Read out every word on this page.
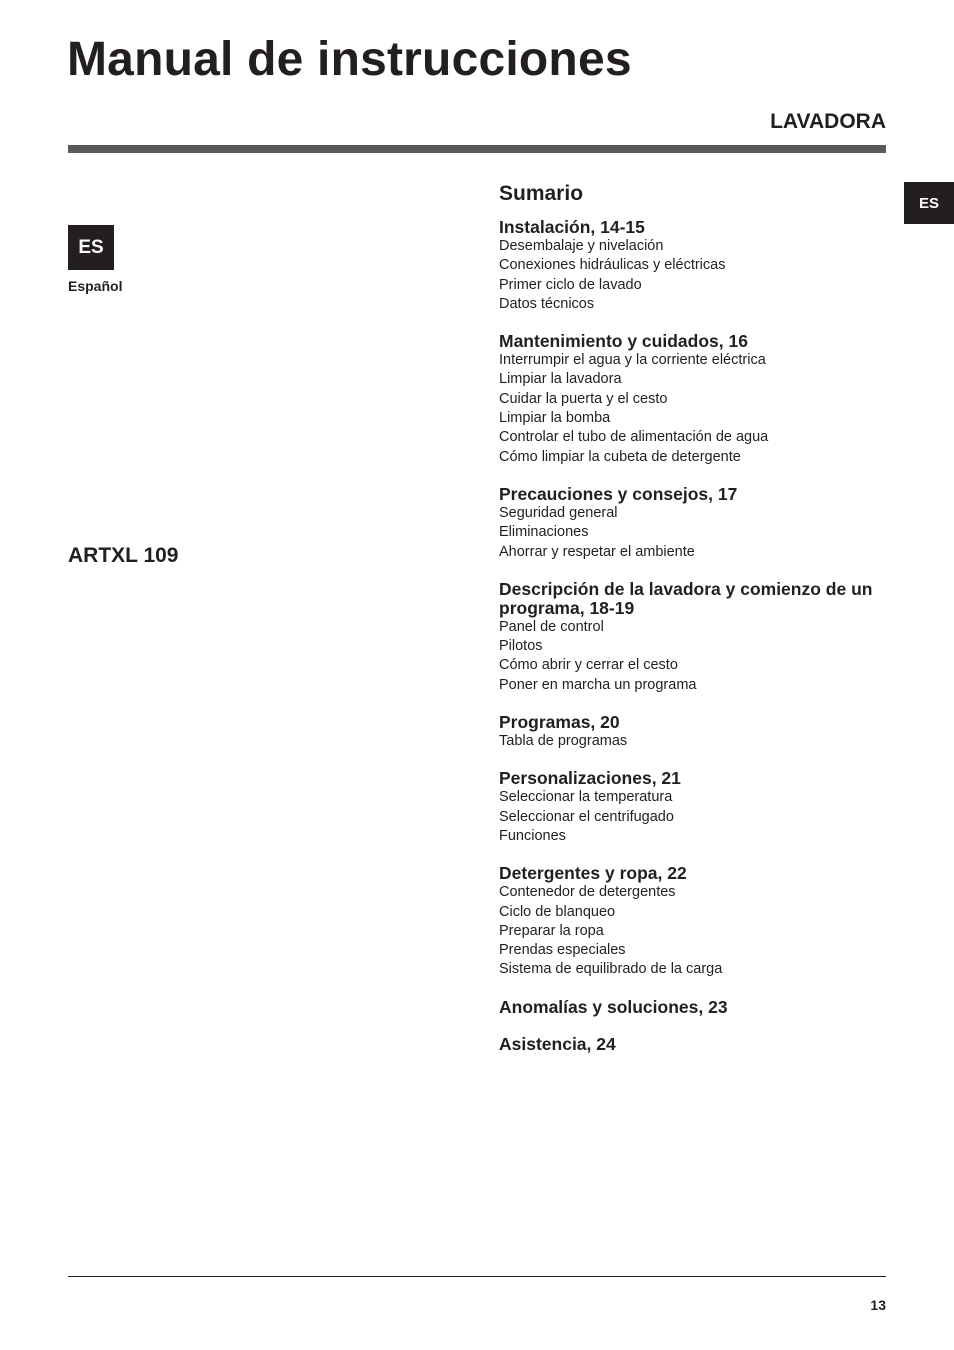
Manual de instrucciones
LAVADORA
ES
ES
Español
ARTXL 109
Sumario
Instalación, 14-15
Desembalaje y nivelación
Conexiones hidráulicas y eléctricas
Primer ciclo de lavado
Datos técnicos
Mantenimiento y cuidados, 16
Interrumpir el agua y la corriente eléctrica
Limpiar la lavadora
Cuidar la puerta y el cesto
Limpiar la bomba
Controlar el tubo de alimentación de agua
Cómo limpiar la cubeta de detergente
Precauciones y consejos, 17
Seguridad general
Eliminaciones
Ahorrar y respetar el ambiente
Descripción de la lavadora y comienzo de un programa, 18-19
Panel de control
Pilotos
Cómo abrir y cerrar el cesto
Poner en marcha un programa
Programas, 20
Tabla de programas
Personalizaciones, 21
Seleccionar la temperatura
Seleccionar el centrifugado
Funciones
Detergentes y ropa, 22
Contenedor de detergentes
Ciclo de blanqueo
Preparar la ropa
Prendas especiales
Sistema de equilibrado de la carga
Anomalías y soluciones, 23
Asistencia, 24
13
